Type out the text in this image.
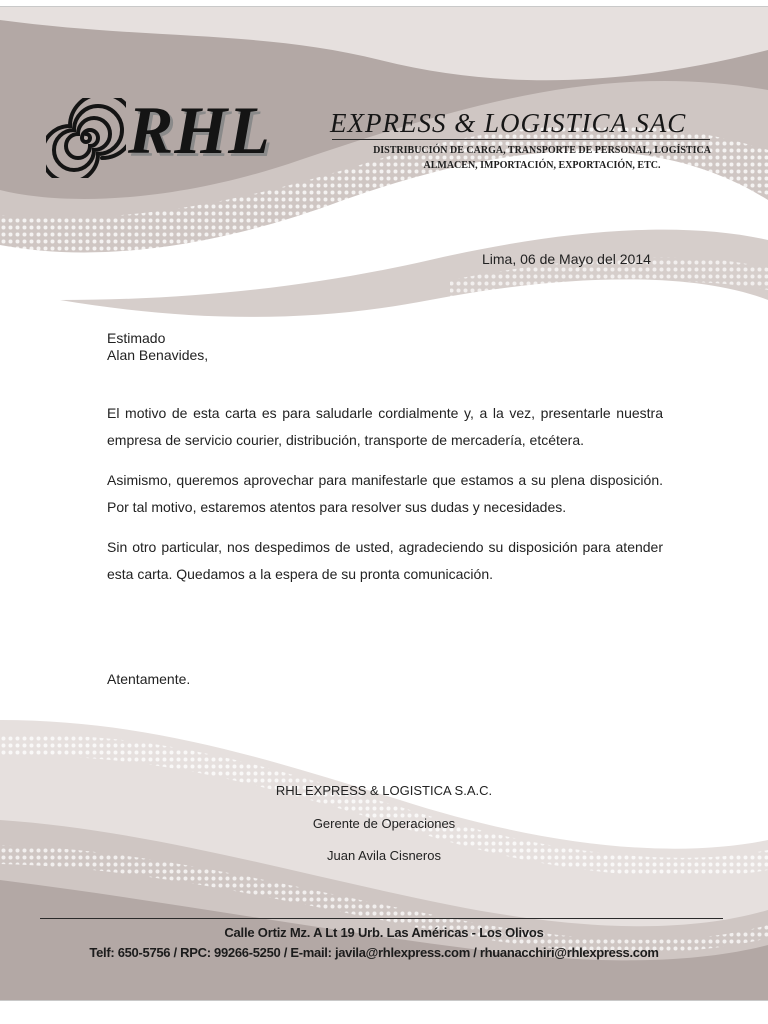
RHL EXPRESS & LOGISTICA SAC
DISTRIBUCIÓN DE CARGA, TRANSPORTE DE PERSONAL, LOGÍSTICA
ALMACEN, IMPORTACIÓN, EXPORTACIÓN, ETC.
Lima, 06 de Mayo del 2014
Estimado
Alan Benavides,

El motivo de esta carta es para saludarle cordialmente y, a la vez, presentarle nuestra empresa de servicio courier, distribución, transporte de mercadería, etcétera.

Asimismo, queremos aprovechar para manifestarle que estamos a su plena disposición. Por tal motivo, estaremos atentos para resolver sus dudas y necesidades.

Sin otro particular, nos despedimos de usted, agradeciendo su disposición para atender esta carta. Quedamos a la espera de su pronta comunicación.

Atentamente.
RHL EXPRESS & LOGISTICA S.A.C.
Gerente de Operaciones
Juan Avila Cisneros
Calle Ortiz Mz. A Lt 19 Urb. Las Américas - Los Olivos
Telf: 650-5756 / RPC: 99266-5250 / E-mail: javila@rhlexpress.com / rhuanacchiri@rhlexpress.com
